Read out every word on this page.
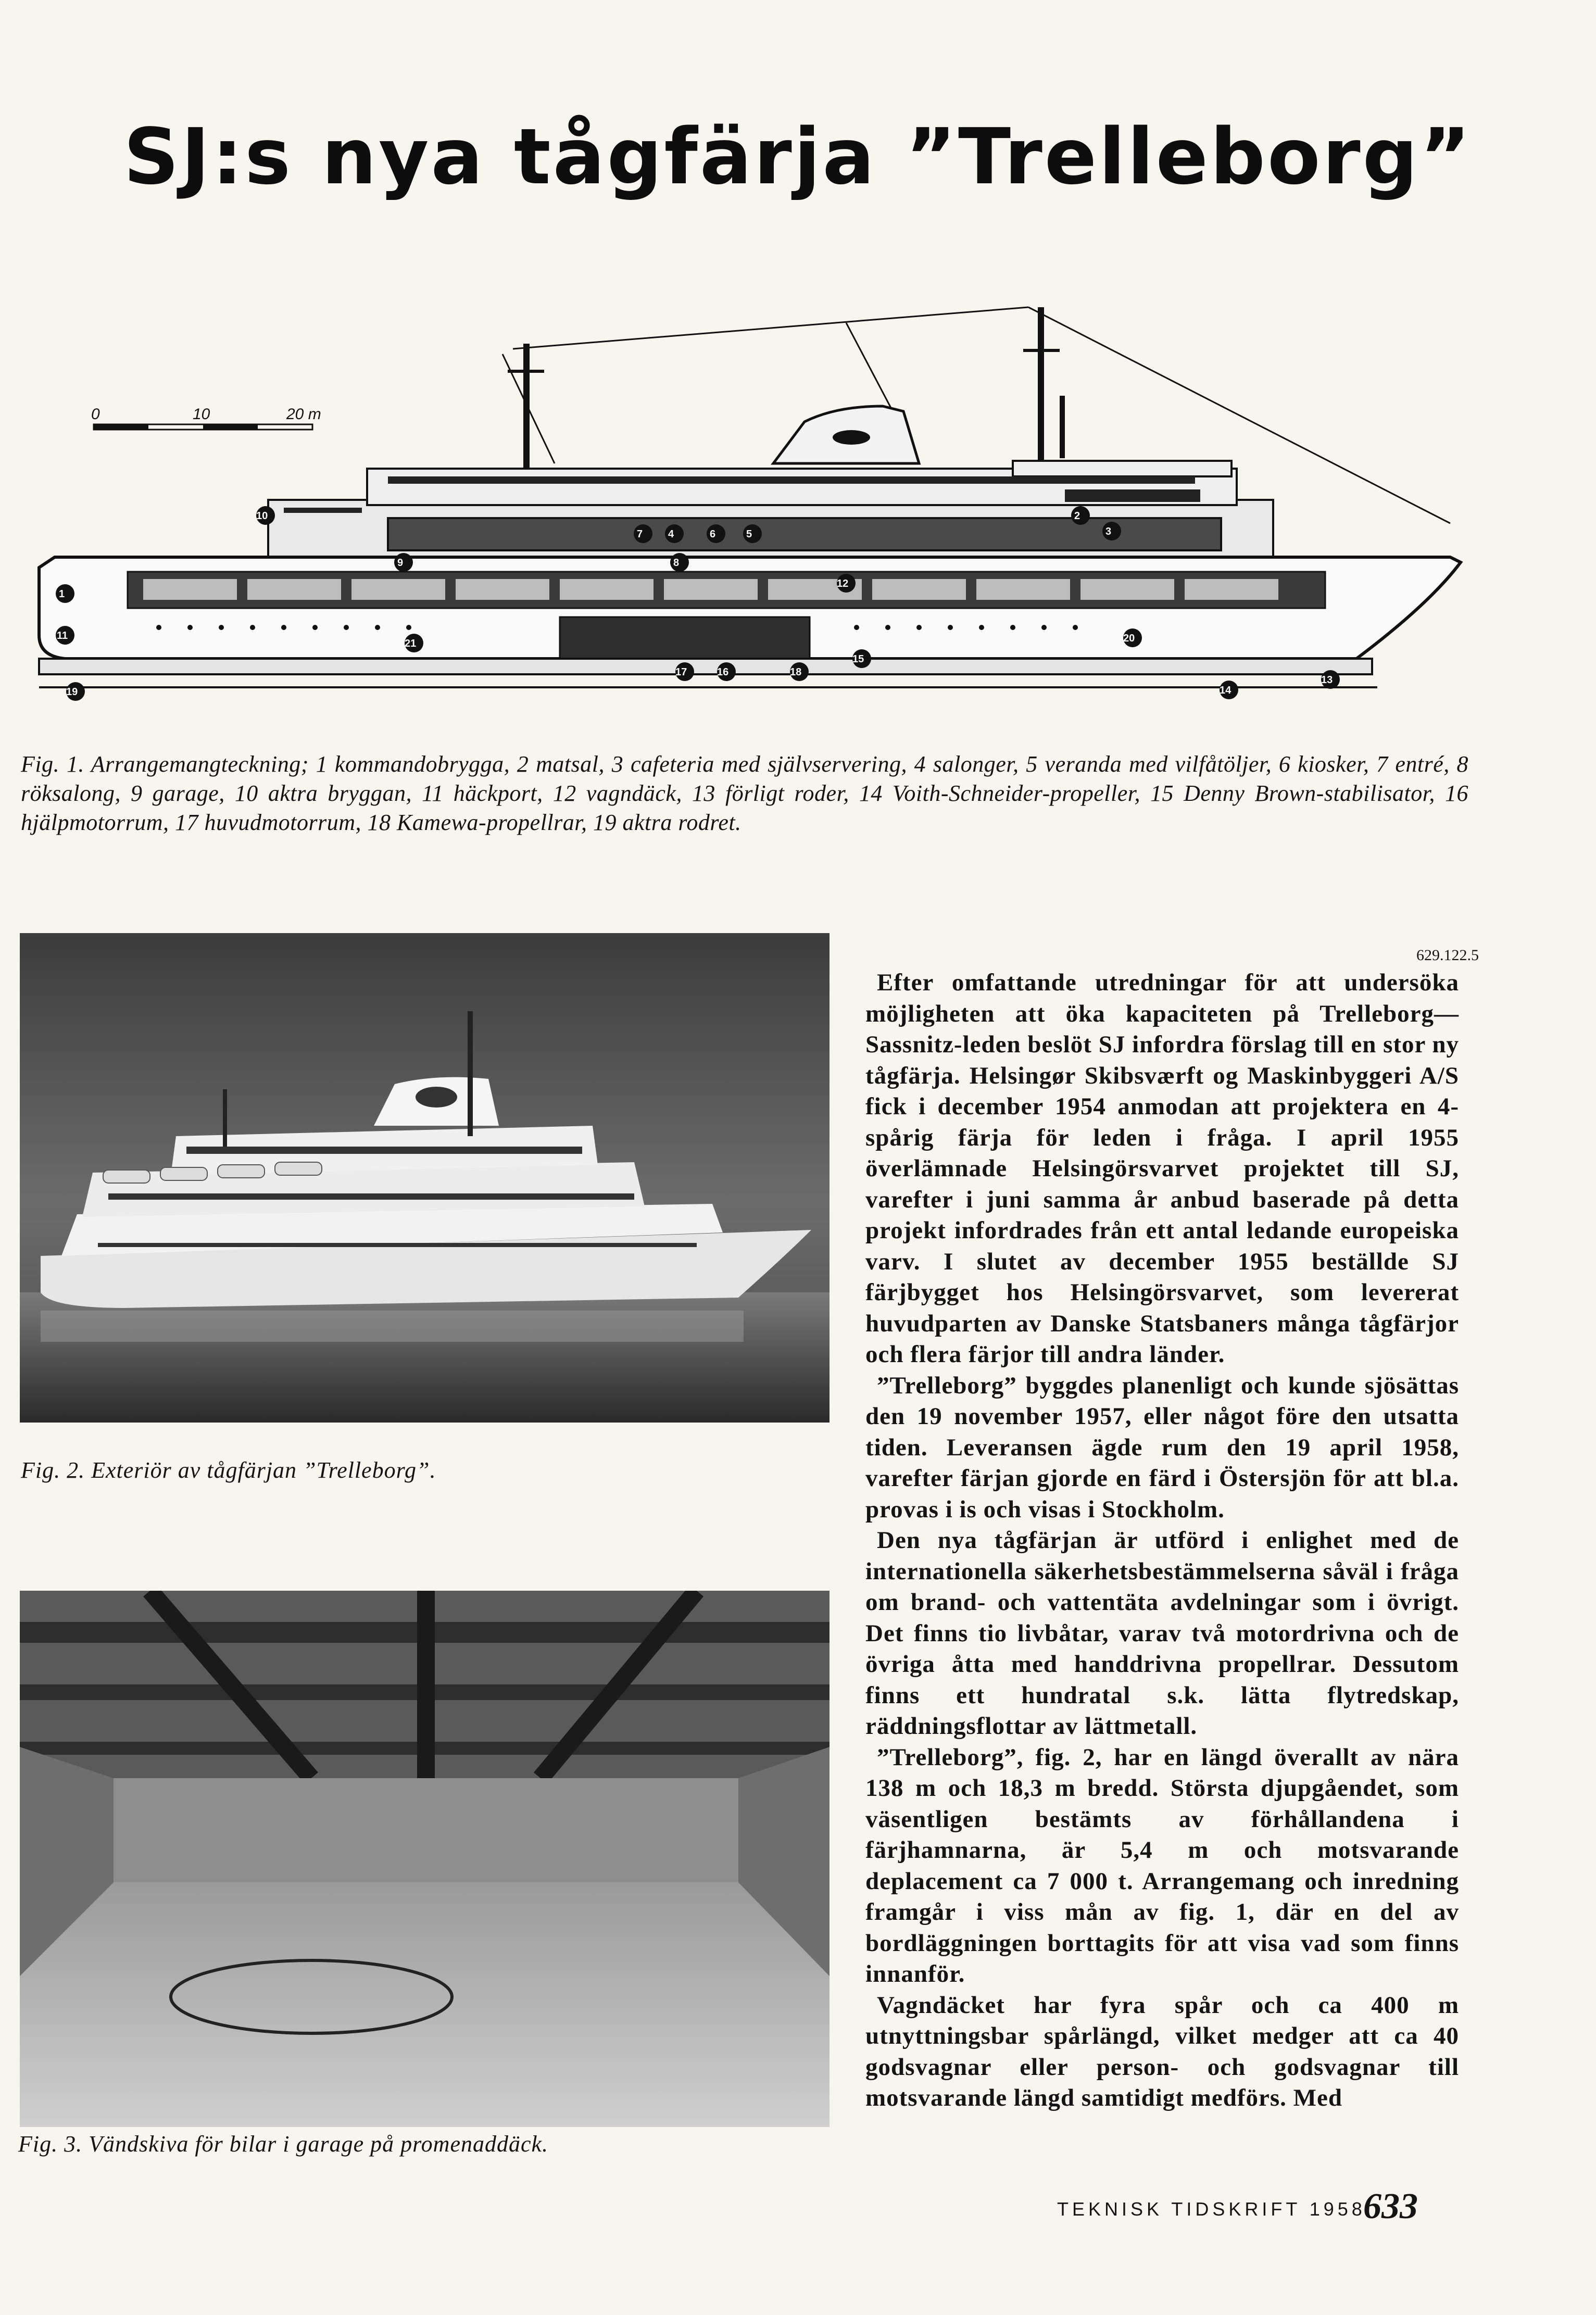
SJ:s nya tågfärja ”Trelleborg”
0	10	20 m
1
2
3
4	5
6
7
8
9
10
11
12
13
14
15
16
17	18
19
20
21
Fig. 1. Arrangemangteckning; 1 kommandobrygga, 2 matsal, 3 cafeteria med självservering, 4 salonger, 5 veranda med vilfåtöljer, 6 kiosker, 7 entré, 8 röksalong, 9 garage, 10 aktra bryggan, 11 häckport, 12 vagndäck, 13 förligt roder, 14 Voith-Schneider-propeller, 15 Denny Brown-stabilisator, 16 hjälpmotorrum, 17 huvudmotorrum, 18 Kamewa-propellrar, 19 aktra rodret.
Fig. 2. Exteriör av tågfärjan ”Trelleborg”.
Fig. 3. Vändskiva för bilar i garage på promenaddäck.
629.122.5

Efter omfattande utredningar för att undersöka möjligheten att öka kapaciteten på Trelleborg—Sassnitz-leden beslöt SJ infordra förslag till en stor ny tågfärja. Helsingør Skibsværft og Maskinbyggeri A/S fick i december 1954 anmodan att projektera en 4-spårig färja för leden i fråga. I april 1955 överlämnade Helsingörsvarvet projektet till SJ, varefter i juni samma år anbud baserade på detta projekt infordrades från ett antal ledande europeiska varv. I slutet av december 1955 beställde SJ färjbygget hos Helsingörsvarvet, som levererat huvudparten av Danske Statsbaners många tågfärjor och flera färjor till andra länder.

”Trelleborg” byggdes planenligt och kunde sjösättas den 19 november 1957, eller något före den utsatta tiden. Leveransen ägde rum den 19 april 1958, varefter färjan gjorde en färd i Östersjön för att bl.a. provas i is och visas i Stockholm.

Den nya tågfärjan är utförd i enlighet med de internationella säkerhetsbestämmelserna såväl i fråga om brand- och vattentäta avdelningar som i övrigt. Det finns tio livbåtar, varav två motordrivna och de övriga åtta med handdrivna propellrar. Dessutom finns ett hundratal s.k. lätta flytredskap, räddningsflottar av lättmetall.

”Trelleborg”, fig. 2, har en längd överallt av nära 138 m och 18,3 m bredd. Största djupgåendet, som väsentligen bestämts av förhållandena i färjhamnarna, är 5,4 m och motsvarande deplacement ca 7 000 t. Arrangemang och inredning framgår i viss mån av fig. 1, där en del av bordläggningen borttagits för att visa vad som finns innanför.

Vagndäcket har fyra spår och ca 400 m utnyttningsbar spårlängd, vilket medger att ca 40 godsvagnar eller person- och godsvagnar till motsvarande längd samtidigt medförs. Med

TEKNISK TIDSKRIFT 1958
633
